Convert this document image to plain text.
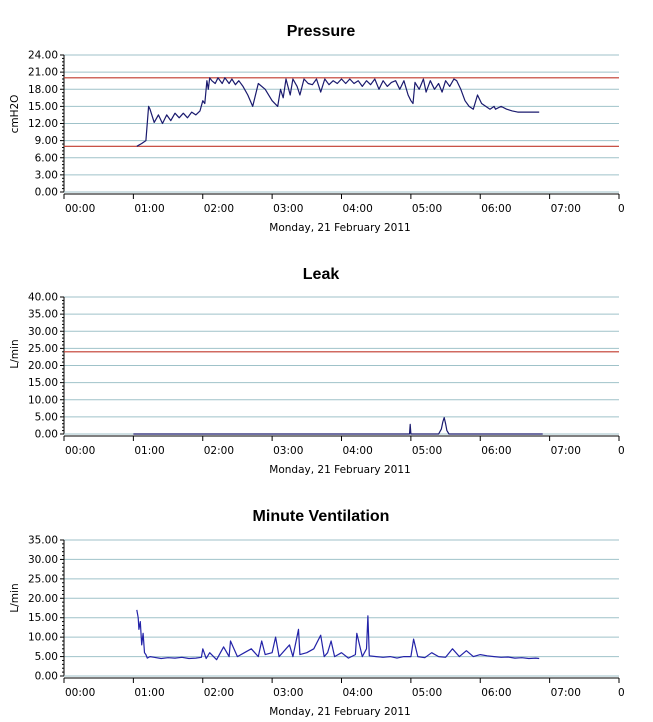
Pressure
cmH2O
Monday, 21 February 2011
0.00
3.00
6.00
9.00
12.00
15.00
18.00
21.00
24.00
00:00	01:00	02:00	03:00	04:00	05:00	06:00	07:00	0
Leak
L/min
Monday, 21 February 2011
0.00
5.00
10.00
15.00
20.00
25.00
30.00
35.00
40.00
00:00	01:00	02:00	03:00	04:00	05:00	06:00	07:00	0
Minute Ventilation
L/min
Monday, 21 February 2011
0.00
5.00
10.00
15.00
20.00
25.00
30.00
35.00
00:00	01:00	02:00	03:00	04:00	05:00	06:00	07:00	0
